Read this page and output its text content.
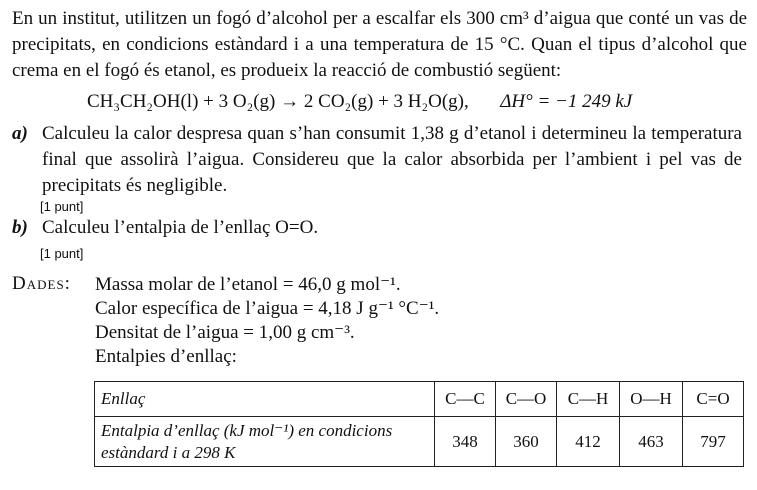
En un institut, utilitzen un fogó d’alcohol per a escalfar els 300 cm³ d’aigua que conté un vas de precipitats, en condicions estàndard i a una temperatura de 15 °C. Quan el tipus d’alcohol que crema en el fogó és etanol, es produeix la reacció de combustió següent:

CH₃CH₂OH(l) + 3 O₂(g) → 2 CO₂(g) + 3 H₂O(g), ΔH° = −1 249 kJ
a) Calculeu la calor despresa quan s’han consumit 1,38 g d’etanol i determineu la temperatura final que assolirà l’aigua. Considereu que la calor absorbida per l’ambient i pel vas de precipitats és negligible.
[1 punt]
b) Calculeu l’entalpia de l’enllaç O=O.
[1 punt]
Dades: Massa molar de l’etanol = 46,0 g mol⁻¹.
Calor específica de l’aigua = 4,18 J g⁻¹ °C⁻¹.
Densitat de l’aigua = 1,00 g cm⁻³.
Entalpies d’enllaç:
Enllaç	C—C	C—O	C—H	O—H	C=O
Entalpia d’enllaç (kJ mol⁻¹) en condicions estàndard i a 298 K	348	360	412	463	797
